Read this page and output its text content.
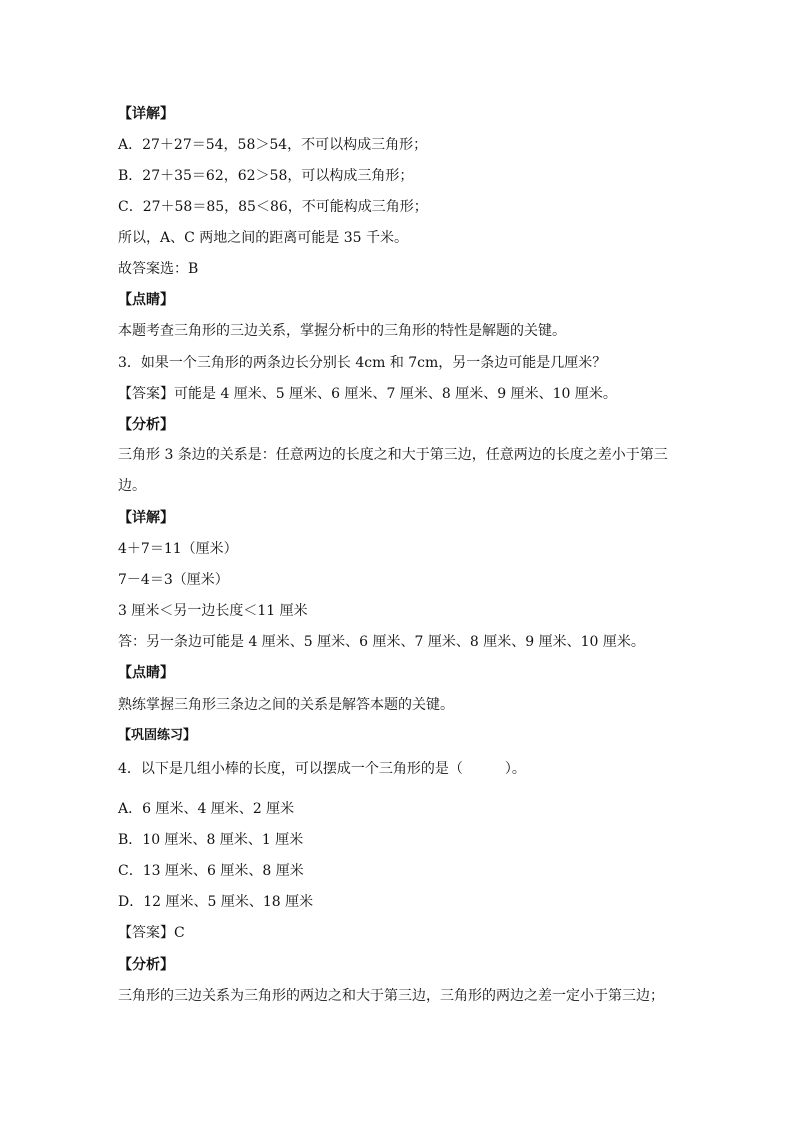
【详解】
A．27＋27＝54，58＞54，不可以构成三角形；
B．27＋35＝62，62＞58，可以构成三角形；
C．27＋58＝85，85＜86，不可能构成三角形；
所以，A、C 两地之间的距离可能是 35 千米。
故答案选：B
【点睛】
本题考查三角形的三边关系，掌握分析中的三角形的特性是解题的关键。
3．如果一个三角形的两条边长分别长 4cm 和 7cm，另一条边可能是几厘米？
【答案】可能是 4 厘米、5 厘米、6 厘米、7 厘米、8 厘米、9 厘米、10 厘米。
【分析】
三角形 3 条边的关系是：任意两边的长度之和大于第三边，任意两边的长度之差小于第三边。
【详解】
4＋7＝11（厘米）
7－4＝3（厘米）
3 厘米＜另一边长度＜11 厘米
答：另一条边可能是 4 厘米、5 厘米、6 厘米、7 厘米、8 厘米、9 厘米、10 厘米。
【点睛】
熟练掌握三角形三条边之间的关系是解答本题的关键。
【巩固练习】
4．以下是几组小棒的长度，可以摆成一个三角形的是（　　　）。
A．6 厘米、4 厘米、2 厘米
B．10 厘米、8 厘米、1 厘米
C．13 厘米、6 厘米、8 厘米
D．12 厘米、5 厘米、18 厘米
【答案】C
【分析】
三角形的三边关系为三角形的两边之和大于第三边，三角形的两边之差一定小于第三边；
